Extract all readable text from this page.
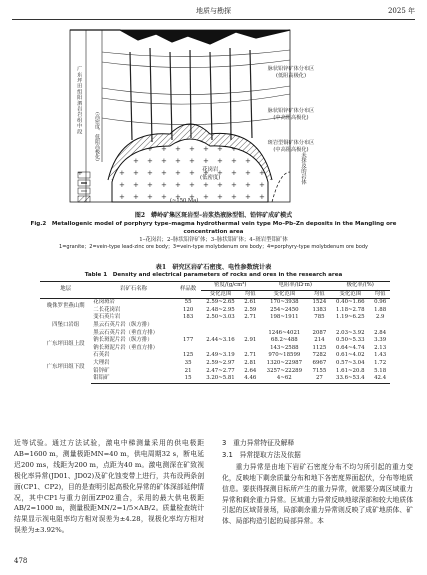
地质与勘探	2025 年
广东坪田组阳泗岩岩组中段
(高密度、低阻高极化)
脉状铅锌矿体分布区
(低阻高极化)
脉状铅锌矿体分布区
(中高阻高极化)
斑岩型铜矿体分布区
(中高阻高极化)
花岗岩
(低密度)
(~150 Ma)
未探及的岩体
图2　蟒岭矿集区斑岩型–岩浆热液脉型钼、铅锌矿成矿模式
Fig.2　Metallogenic model of porphyry type–magma hydrothermal vein type Mo–Pb–Zn deposits in the Mangling ore concentration area
1–花岗岩；2–脉状铅锌矿体；3–脉状钼矿体；4–斑岩型钼矿体
1=granite；2=vein-type lead-zinc ore body；3=vein-type molybdenum ore body；4=porphyry-type molybdenum ore body
表1　研究区岩矿石密度、电性参数统计表
Table 1　Density and electrical parameters of rocks and ores in the research area
地层	岩矿石名称	样品数	密度/(g/cm³)		电阻率/(Ω·m)		极化率/(%)	
			变化范围	均值	变化范围	均值	变化范围	均值
晚侏罗世燕山期	花岗斑岩	55	2.59~2.65	2.61	170~3938	1524	0.40~1.66	0.96
	二长花岗岩	120	2.48~2.95	2.59	254~2450	1383	1.18~2.78	1.88
四堡口岩组	变石英片岩	183	2.50~3.03	2.71	198~1911	785	1.19~6.25	2.9
	黑云石英片岩（纵方排）							
	黑云石英片岩（垂直方排）				1246~4021	2087	2.03~3.92	2.84
广东坪田组上段	钠长斑泥片岩（纵方排）	177	2.44~3.16	2.91	68.2~488	214	0.50~5.33	3.39
	钠长斑泥片岩（垂直方排）				143~2588	1125	0.64~4.74	2.13
广东坪田组下段	石英岩	125	2.49~3.19	2.71	970~18599	7282	0.61~4.02	1.43
	大理岩	35	2.59~2.97	2.81	1320~22987	6967	0.57~3.04	1.72
	铅锌矿	21	2.47~2.77	2.64	3257~22289	7155	1.61~20.8	5.18
	钼铅矿	15	3.20~5.81	4.46	4~62	27	33.6~53.4	42.4

近等试验。通过方法试验，激电中梯测量采用的供电极距AB=1600 m，测量极距MN=40 m，供电周期32 s，断电延迟200 ms，线距为200 m，点距为40 m。激电测深在矿致视极化率异常(JD01、JD02)及矿化蚀变带上进行，共布设两条剖面(CP1、CP2)，目的是查明引起高极化异常的矿体深部延伸情况，其中CP1与重力剖面ZP02重合，采用的最大供电极距AB/2=1000 m，测量极距MN/2=1/5×AB/2。质量检查统计结果显示视电阻率均方相对误差为±4.28，视极化率均方相对误差为±3.92%。

3　重力异常特征及解释
3.1　异常提取方法及依据

重力异常是由地下岩矿石密度分布不均匀所引起的重力变化，反映地下剩余质量分布和地下各密度界面起伏，分布等地质信息。要获得探测目标所产生的重力异常，就需要分离区域重力异常和剩余重力异常。区域重力异常反映地球深部和较大地质体引起的区域背景场，局部剩余重力异常则反映了成矿地质体、矿体、局部构造引起的局部异常。本

478
